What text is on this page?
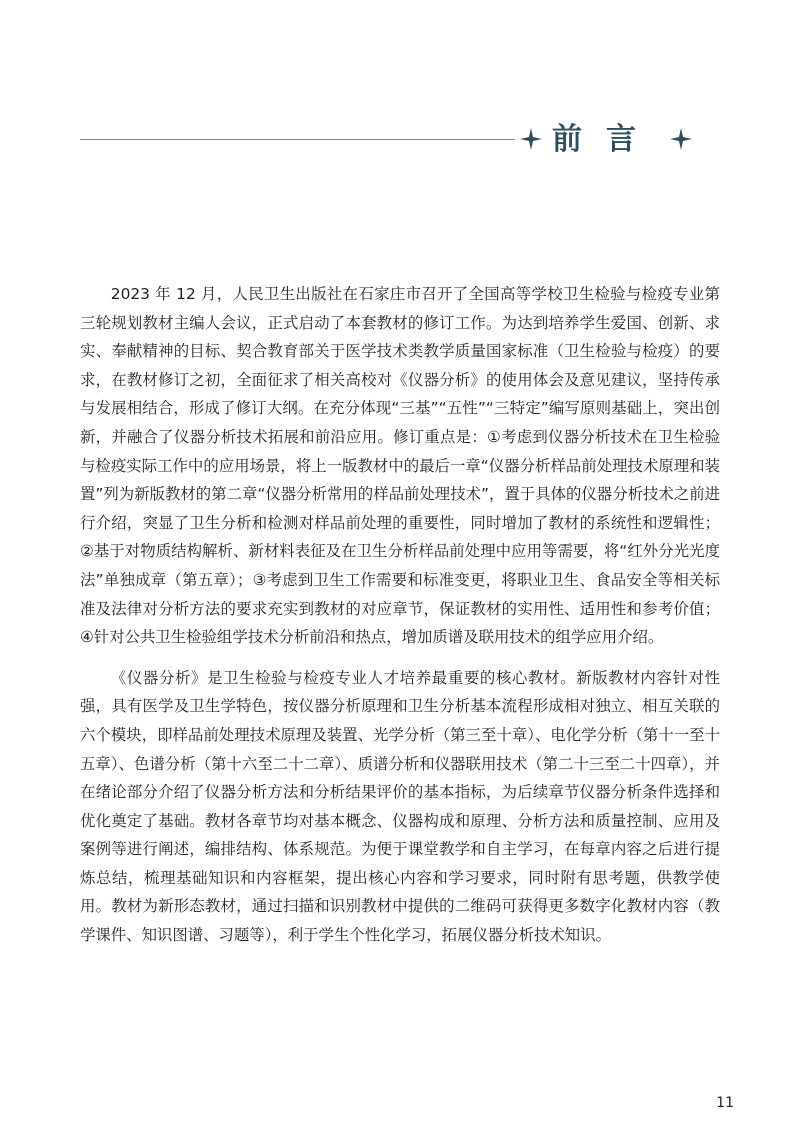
前言

2023 年 12 月，人民卫生出版社在石家庄市召开了全国高等学校卫生检验与检疫专业第三轮规划教材主编人会议，正式启动了本套教材的修订工作。为达到培养学生爱国、创新、求实、奉献精神的目标、契合教育部关于医学技术类教学质量国家标准（卫生检验与检疫）的要求，在教材修订之初，全面征求了相关高校对《仪器分析》的使用体会及意见建议，坚持传承与发展相结合，形成了修订大纲。在充分体现“三基”“五性”“三特定”编写原则基础上，突出创新，并融合了仪器分析技术拓展和前沿应用。修订重点是：①考虑到仪器分析技术在卫生检验与检疫实际工作中的应用场景，将上一版教材中的最后一章“仪器分析样品前处理技术原理和装置”列为新版教材的第二章“仪器分析常用的样品前处理技术”，置于具体的仪器分析技术之前进行介绍，突显了卫生分析和检测对样品前处理的重要性，同时增加了教材的系统性和逻辑性；②基于对物质结构解析、新材料表征及在卫生分析样品前处理中应用等需要，将“红外分光光度法”单独成章（第五章）；③考虑到卫生工作需要和标准变更，将职业卫生、食品安全等相关标准及法律对分析方法的要求充实到教材的对应章节，保证教材的实用性、适用性和参考价值；④针对公共卫生检验组学技术分析前沿和热点，增加质谱及联用技术的组学应用介绍。

《仪器分析》是卫生检验与检疫专业人才培养最重要的核心教材。新版教材内容针对性强，具有医学及卫生学特色，按仪器分析原理和卫生分析基本流程形成相对独立、相互关联的六个模块，即样品前处理技术原理及装置、光学分析（第三至十章）、电化学分析（第十一至十五章）、色谱分析（第十六至二十二章）、质谱分析和仪器联用技术（第二十三至二十四章），并在绪论部分介绍了仪器分析方法和分析结果评价的基本指标，为后续章节仪器分析条件选择和优化奠定了基础。教材各章节均对基本概念、仪器构成和原理、分析方法和质量控制、应用及案例等进行阐述，编排结构、体系规范。为便于课堂教学和自主学习，在每章内容之后进行提炼总结，梳理基础知识和内容框架，提出核心内容和学习要求，同时附有思考题，供教学使用。教材为新形态教材，通过扫描和识别教材中提供的二维码可获得更多数字化教材内容（教学课件、知识图谱、习题等），利于学生个性化学习，拓展仪器分析技术知识。

11
